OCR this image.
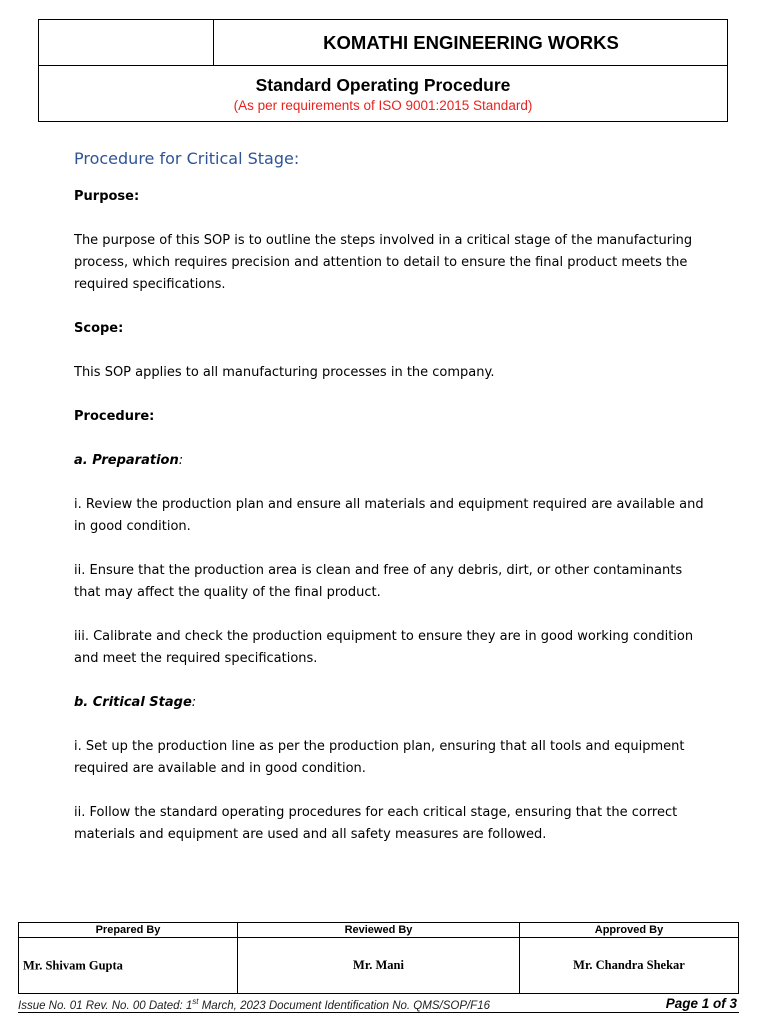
KOMATHI ENGINEERING WORKS
Standard Operating Procedure
(As per requirements of ISO 9001:2015 Standard)
Procedure for Critical Stage:

Purpose:

The purpose of this SOP is to outline the steps involved in a critical stage of the manufacturing process, which requires precision and attention to detail to ensure the final product meets the required specifications.

Scope:

This SOP applies to all manufacturing processes in the company.

Procedure:

a. Preparation:

i. Review the production plan and ensure all materials and equipment required are available and in good condition.

ii. Ensure that the production area is clean and free of any debris, dirt, or other contaminants that may affect the quality of the final product.

iii. Calibrate and check the production equipment to ensure they are in good working condition and meet the required specifications.

b. Critical Stage:

i. Set up the production line as per the production plan, ensuring that all tools and equipment required are available and in good condition.

ii. Follow the standard operating procedures for each critical stage, ensuring that the correct materials and equipment are used and all safety measures are followed.

Prepared By	Reviewed By	Approved By
Mr. Shivam Gupta	Mr. Mani	Mr. Chandra Shekar
Issue No. 01 Rev. No. 00 Dated: 1st March, 2023 Document Identification No. QMS/SOP/F16	Page 1 of 3
